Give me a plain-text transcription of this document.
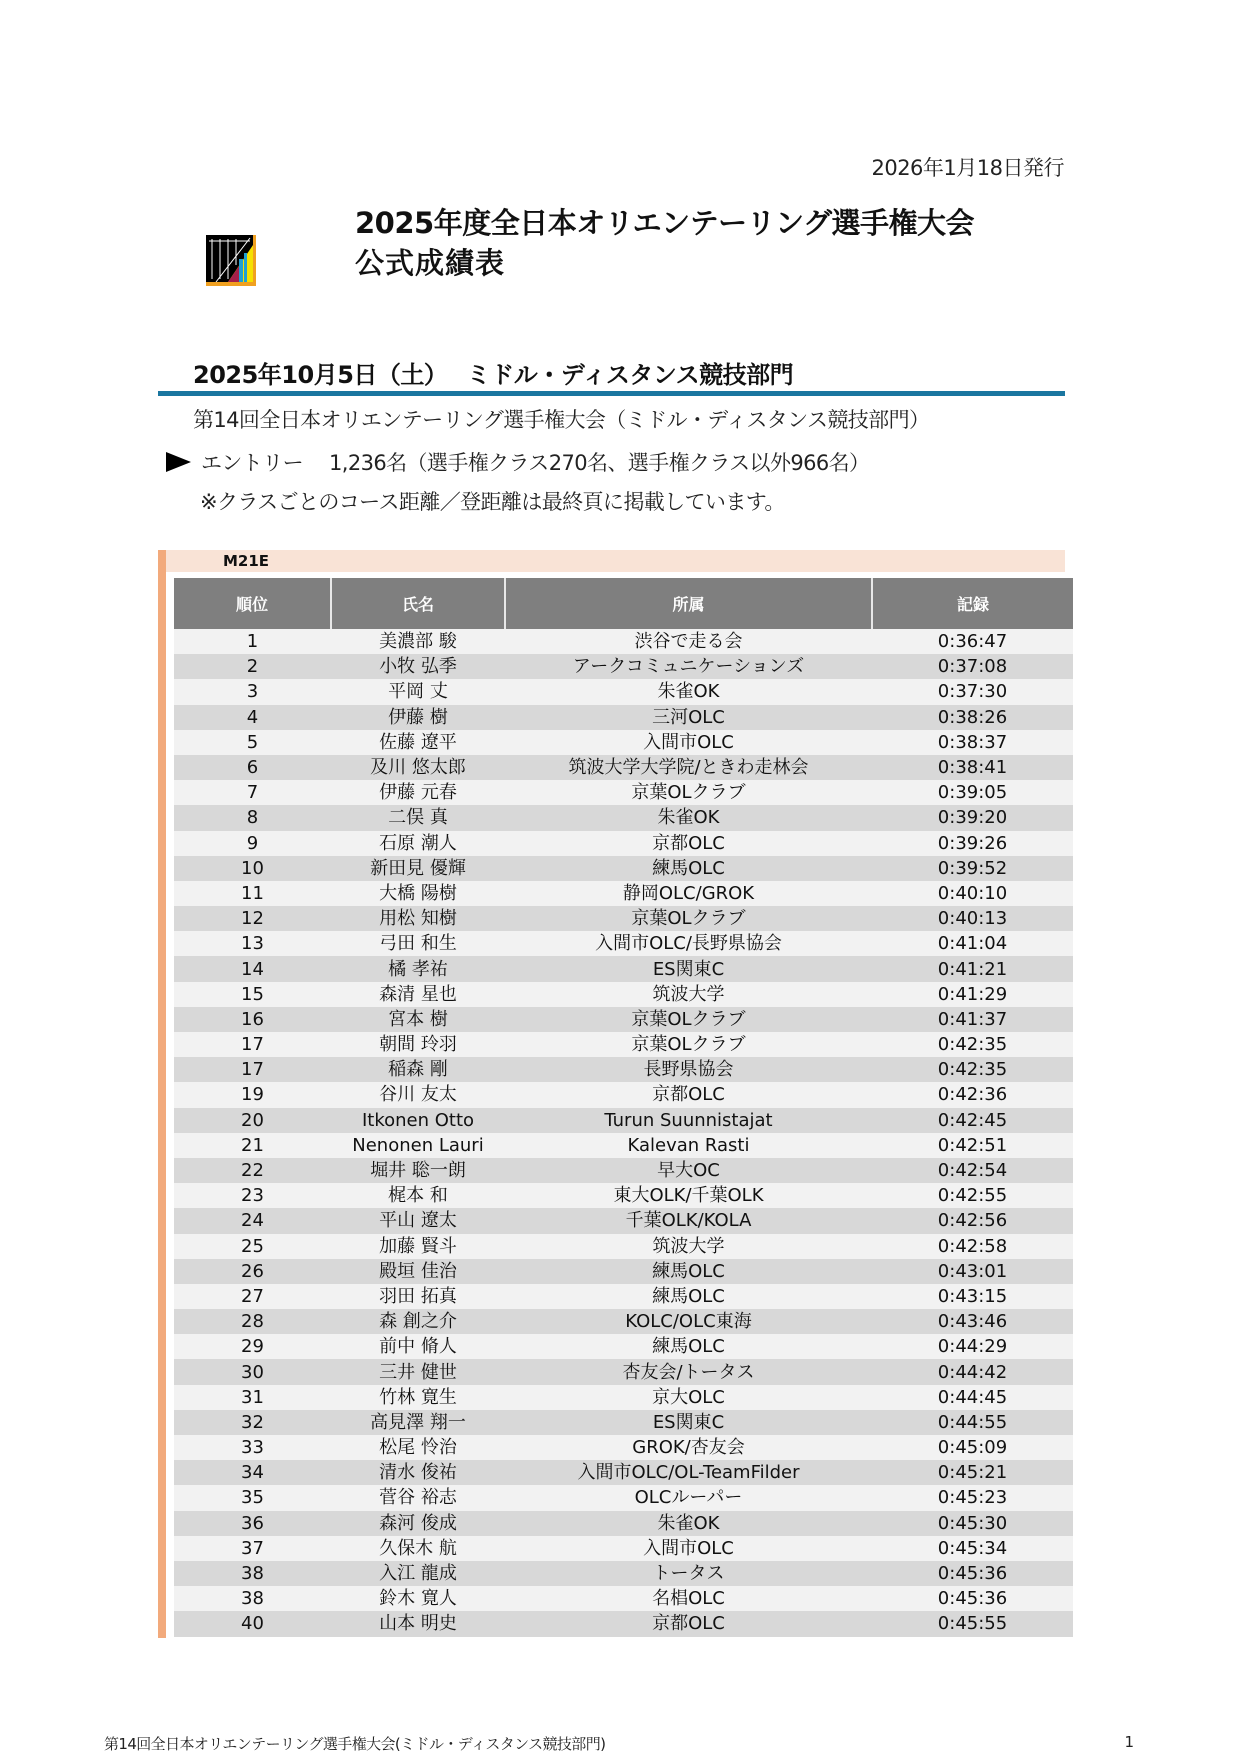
2026年1月18日発行
2025年度全日本オリエンテーリング選手権大会
公式成績表
2025年10月5日（土）　 ミドル・ディスタンス競技部門
第14回全日本オリエンテーリング選手権大会（ミドル・ディスタンス競技部門）
エントリー 1,236名（選手権クラス270名、選手権クラス以外966名）
※クラスごとのコース距離／登距離は最終頁に掲載しています。
M21E
順位	氏名	所属	記録
1	美濃部 駿	渋谷で走る会	0:36:47
2	小牧 弘季	アークコミュニケーションズ	0:37:08
3	平岡 丈	朱雀OK	0:37:30
4	伊藤 樹	三河OLC	0:38:26
5	佐藤 遼平	入間市OLC	0:38:37
6	及川 悠太郎	筑波大学大学院/ときわ走林会	0:38:41
7	伊藤 元春	京葉OLクラブ	0:39:05
8	二俣 真	朱雀OK	0:39:20
9	石原 潮人	京都OLC	0:39:26
10	新田見 優輝	練馬OLC	0:39:52
11	大橋 陽樹	静岡OLC/GROK	0:40:10
12	用松 知樹	京葉OLクラブ	0:40:13
13	弓田 和生	入間市OLC/長野県協会	0:41:04
14	橘 孝祐	ES関東C	0:41:21
15	森清 星也	筑波大学	0:41:29
16	宮本 樹	京葉OLクラブ	0:41:37
17	朝間 玲羽	京葉OLクラブ	0:42:35
17	稲森 剛	長野県協会	0:42:35
19	谷川 友太	京都OLC	0:42:36
20	Itkonen Otto	Turun Suunnistajat	0:42:45
21	Nenonen Lauri	Kalevan Rasti	0:42:51
22	堀井 聡一朗	早大OC	0:42:54
23	梶本 和	東大OLK/千葉OLK	0:42:55
24	平山 遼太	千葉OLK/KOLA	0:42:56
25	加藤 賢斗	筑波大学	0:42:58
26	殿垣 佳治	練馬OLC	0:43:01
27	羽田 拓真	練馬OLC	0:43:15
28	森 創之介	KOLC/OLC東海	0:43:46
29	前中 脩人	練馬OLC	0:44:29
30	三井 健世	杏友会/トータス	0:44:42
31	竹林 寛生	京大OLC	0:44:45
32	高見澤 翔一	ES関東C	0:44:55
33	松尾 怜治	GROK/杏友会	0:45:09
34	清水 俊祐	入間市OLC/OL-TeamFilder	0:45:21
35	菅谷 裕志	OLCルーパー	0:45:23
36	森河 俊成	朱雀OK	0:45:30
37	久保木 航	入間市OLC	0:45:34
38	入江 龍成	トータス	0:45:36
38	鈴木 寛人	名椙OLC	0:45:36
40	山本 明史	京都OLC	0:45:55
第14回全日本オリエンテーリング選手権大会(ミドル・ディスタンス競技部門)	1
